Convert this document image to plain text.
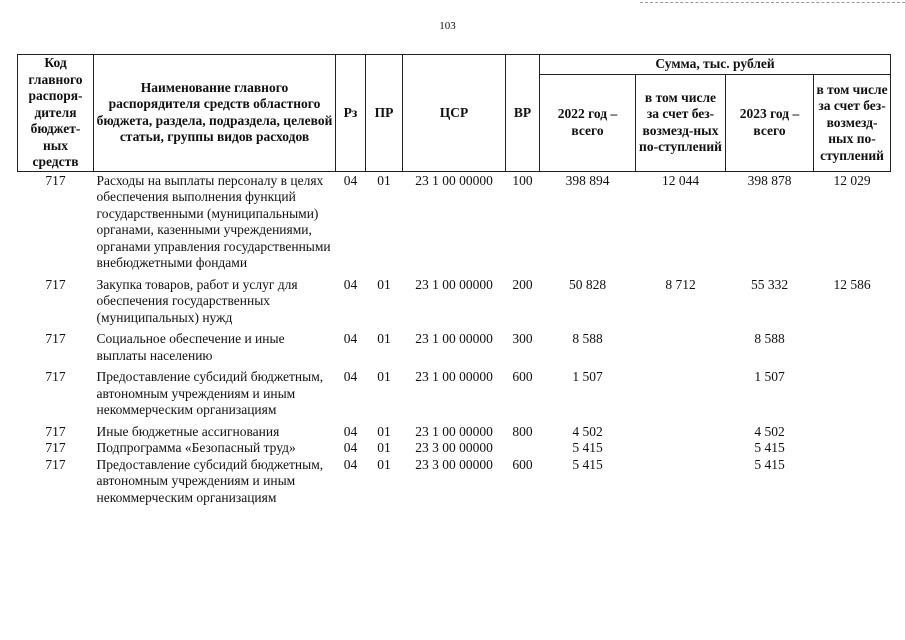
103
Код главного распоря-дителя бюджет-ных средств	Наименование главного распорядителя средств областного бюджета, раздела, подраздела, целевой статьи, группы видов расходов	Рз	ПР	ЦСР	ВР	Сумма, тыс. рублей			
						2022 год – всего	в том числе за счет без-возмезд-ных по-ступлений	2023 год – всего	в том числе за счет без-возмезд-ных по-ступлений
717	Расходы на выплаты персоналу в целях обеспечения выполнения функций государственными (муниципальными) органами, казенными учреждениями, органами управления государственными внебюджетными фондами	04	01	23 1 00 00000	100	398 894	12 044	398 878	12 029
717	Закупка товаров, работ и услуг для обеспечения государственных (муниципальных) нужд	04	01	23 1 00 00000	200	50 828	8 712	55 332	12 586
717	Социальное обеспечение и иные выплаты населению	04	01	23 1 00 00000	300	8 588		8 588	
717	Предоставление субсидий бюджетным, автономным учреждениям и иным некоммерческим организациям	04	01	23 1 00 00000	600	1 507		1 507	
717	Иные бюджетные ассигнования	04	01	23 1 00 00000	800	4 502		4 502	
717	Подпрограмма «Безопасный труд»	04	01	23 3 00 00000		5 415		5 415	
717	Предоставление субсидий бюджетным, автономным учреждениям и иным некоммерческим организациям	04	01	23 3 00 00000	600	5 415		5 415	
